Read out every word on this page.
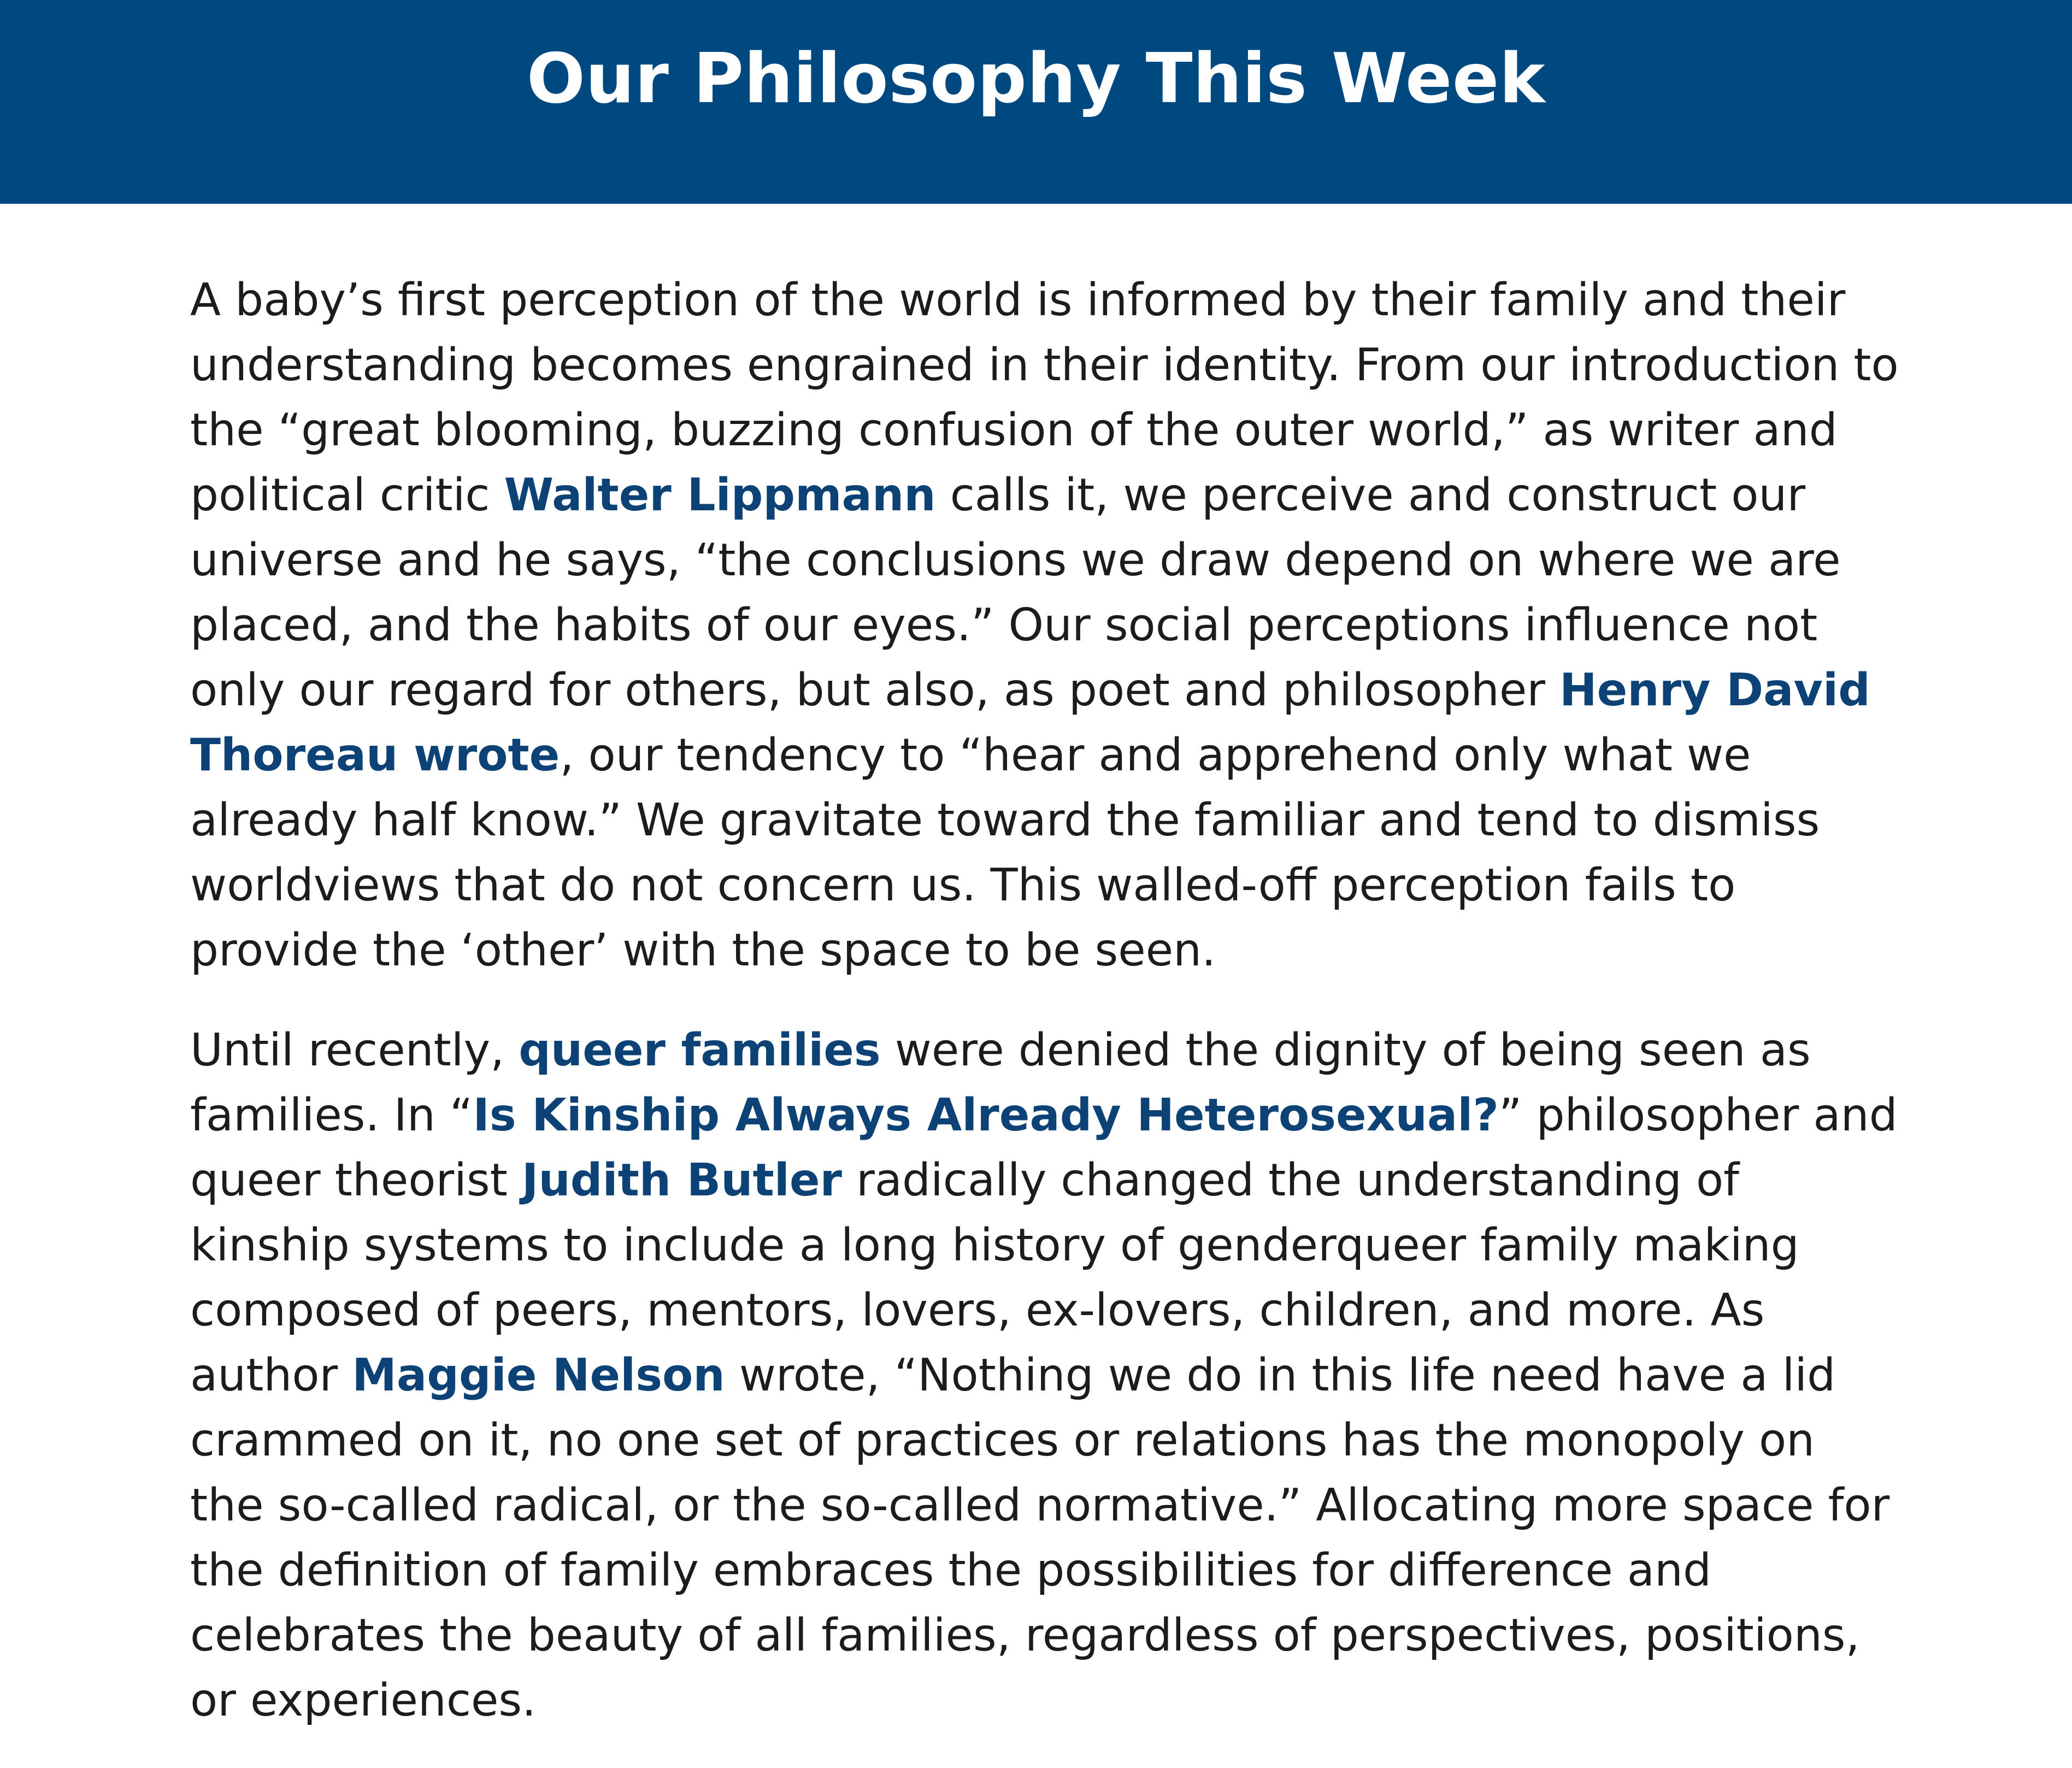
Our Philosophy This Week

A baby’s first perception of the world is informed by their family and their understanding becomes engrained in their identity. From our introduction to the “great blooming, buzzing confusion of the outer world,” as writer and political critic Walter Lippmann calls it, we perceive and construct our universe and he says, “the conclusions we draw depend on where we are placed, and the habits of our eyes.” Our social perceptions influence not only our regard for others, but also, as poet and philosopher Henry David Thoreau wrote, our tendency to “hear and apprehend only what we already half know.” We gravitate toward the familiar and tend to dismiss worldviews that do not concern us. This walled-off perception fails to provide the ‘other’ with the space to be seen.

Until recently, queer families were denied the dignity of being seen as families. In “Is Kinship Always Already Heterosexual?” philosopher and queer theorist Judith Butler radically changed the understanding of kinship systems to include a long history of genderqueer family making composed of peers, mentors, lovers, ex-lovers, children, and more. As author Maggie Nelson wrote, “Nothing we do in this life need have a lid crammed on it, no one set of practices or relations has the monopoly on the so-called radical, or the so-called normative.” Allocating more space for the definition of family embraces the possibilities for difference and celebrates the beauty of all families, regardless of perspectives, positions, or experiences.
